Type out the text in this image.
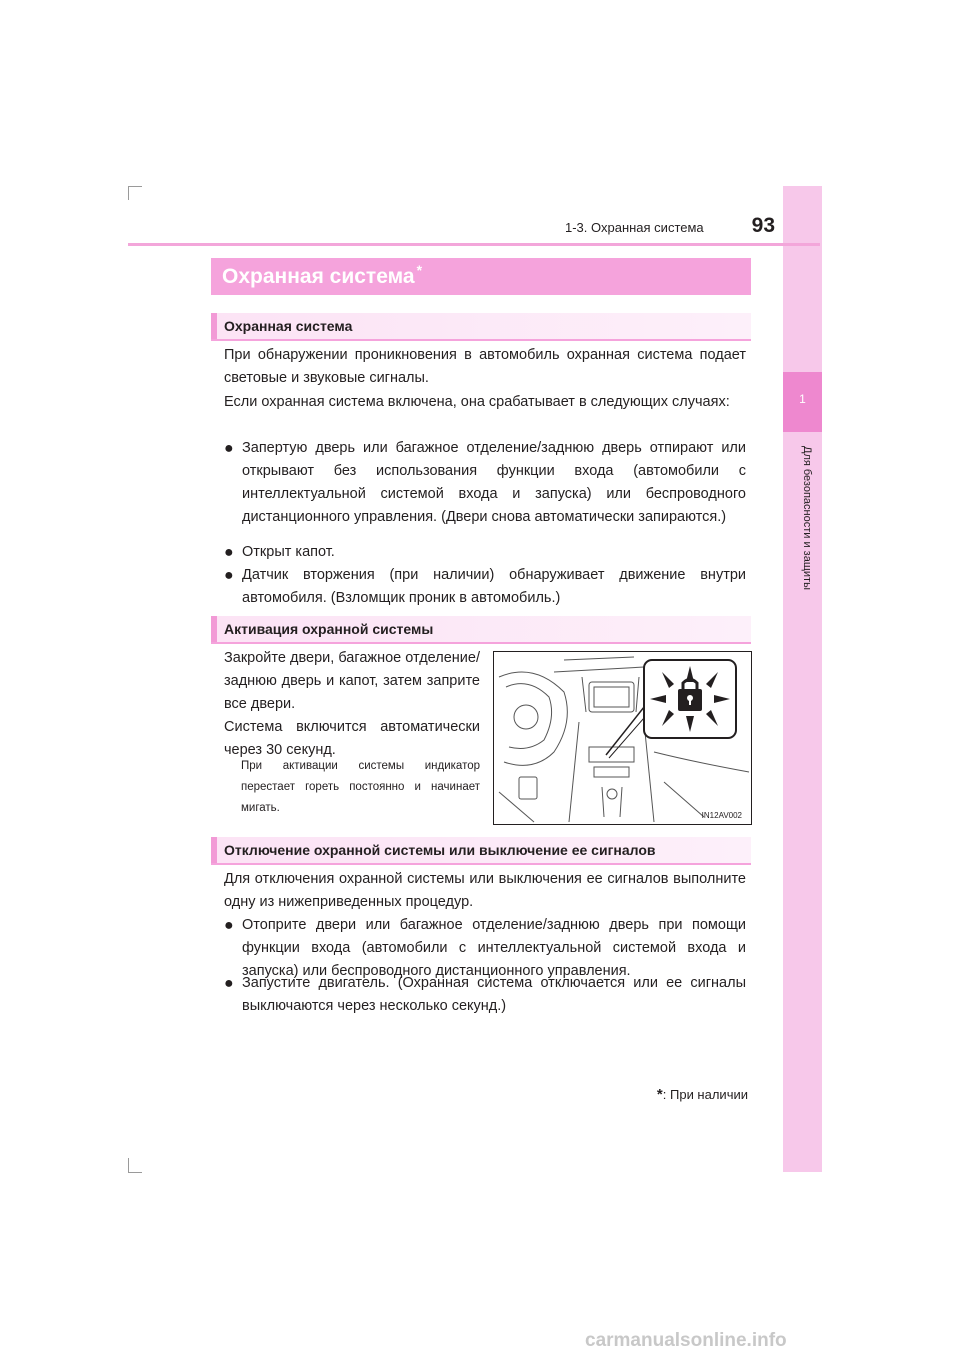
1
Для безопасности и защиты
1-3. Охранная система	93
Охранная система *
Охранная система
При обнаружении проникновения в автомобиль охранная система подает световые и звуковые сигналы.
Если охранная система включена, она срабатывает в следующих случаях:
● Запертую дверь или багажное отделение/заднюю дверь отпирают или открывают без использования функции входа (автомобили с интеллектуальной системой входа и запуска) или беспроводного дистанционного управления. (Двери снова автоматически запираются.)
● Открыт капот.
● Датчик вторжения (при наличии) обнаруживает движение внутри автомобиля. (Взломщик проник в автомобиль.)
Активация охранной системы
Закройте двери, багажное отделение/заднюю дверь и капот, затем заприте все двери.
Система включится автоматически через 30 секунд.
При активации системы индикатор перестает гореть постоянно и начинает мигать.
IN12AV002
Отключение охранной системы или выключение ее сигналов
Для отключения охранной системы или выключения ее сигналов выполните одну из нижеприведенных процедур.
● Отоприте двери или багажное отделение/заднюю дверь при помощи функции входа (автомобили с интеллектуальной системой входа и запуска) или беспроводного дистанционного управления.
● Запустите двигатель. (Охранная система отключается или ее сигналы выключаются через несколько секунд.)
*: При наличии
carmanualsonline.info
